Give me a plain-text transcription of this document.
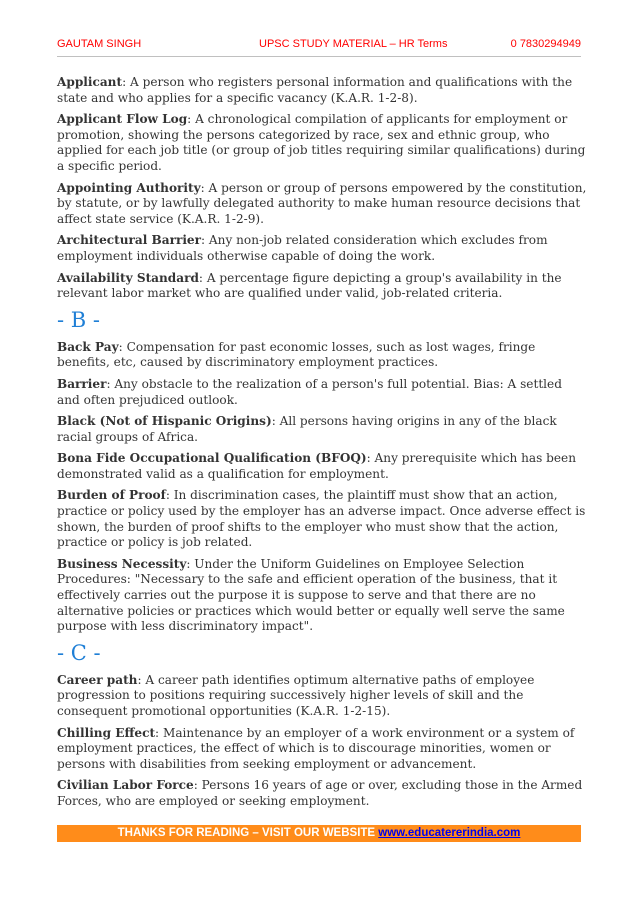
GAUTAM SINGH	UPSC STUDY MATERIAL – HR Terms	0 7830294949

Applicant: A person who registers personal information and qualifications with the state and who applies for a specific vacancy (K.A.R. 1-2-8).

Applicant Flow Log: A chronological compilation of applicants for employment or promotion, showing the persons categorized by race, sex and ethnic group, who applied for each job title (or group of job titles requiring similar qualifications) during a specific period.

Appointing Authority: A person or group of persons empowered by the constitution, by statute, or by lawfully delegated authority to make human resource decisions that affect state service (K.A.R. 1-2-9).

Architectural Barrier: Any non-job related consideration which excludes from employment individuals otherwise capable of doing the work.

Availability Standard: A percentage figure depicting a group's availability in the relevant labor market who are qualified under valid, job-related criteria.

- B -

Back Pay: Compensation for past economic losses, such as lost wages, fringe benefits, etc, caused by discriminatory employment practices.

Barrier: Any obstacle to the realization of a person's full potential. Bias: A settled and often prejudiced outlook.

Black (Not of Hispanic Origins): All persons having origins in any of the black racial groups of Africa.

Bona Fide Occupational Qualification (BFOQ): Any prerequisite which has been demonstrated valid as a qualification for employment.

Burden of Proof: In discrimination cases, the plaintiff must show that an action, practice or policy used by the employer has an adverse impact. Once adverse effect is shown, the burden of proof shifts to the employer who must show that the action, practice or policy is job related.

Business Necessity: Under the Uniform Guidelines on Employee Selection Procedures: "Necessary to the safe and efficient operation of the business, that it effectively carries out the purpose it is suppose to serve and that there are no alternative policies or practices which would better or equally well serve the same purpose with less discriminatory impact".

- C -

Career path: A career path identifies optimum alternative paths of employee progression to positions requiring successively higher levels of skill and the consequent promotional opportunities (K.A.R. 1-2-15).

Chilling Effect: Maintenance by an employer of a work environment or a system of employment practices, the effect of which is to discourage minorities, women or persons with disabilities from seeking employment or advancement.

Civilian Labor Force: Persons 16 years of age or over, excluding those in the Armed Forces, who are employed or seeking employment.

THANKS FOR READING – VISIT OUR WEBSITE www.educatererindia.com
